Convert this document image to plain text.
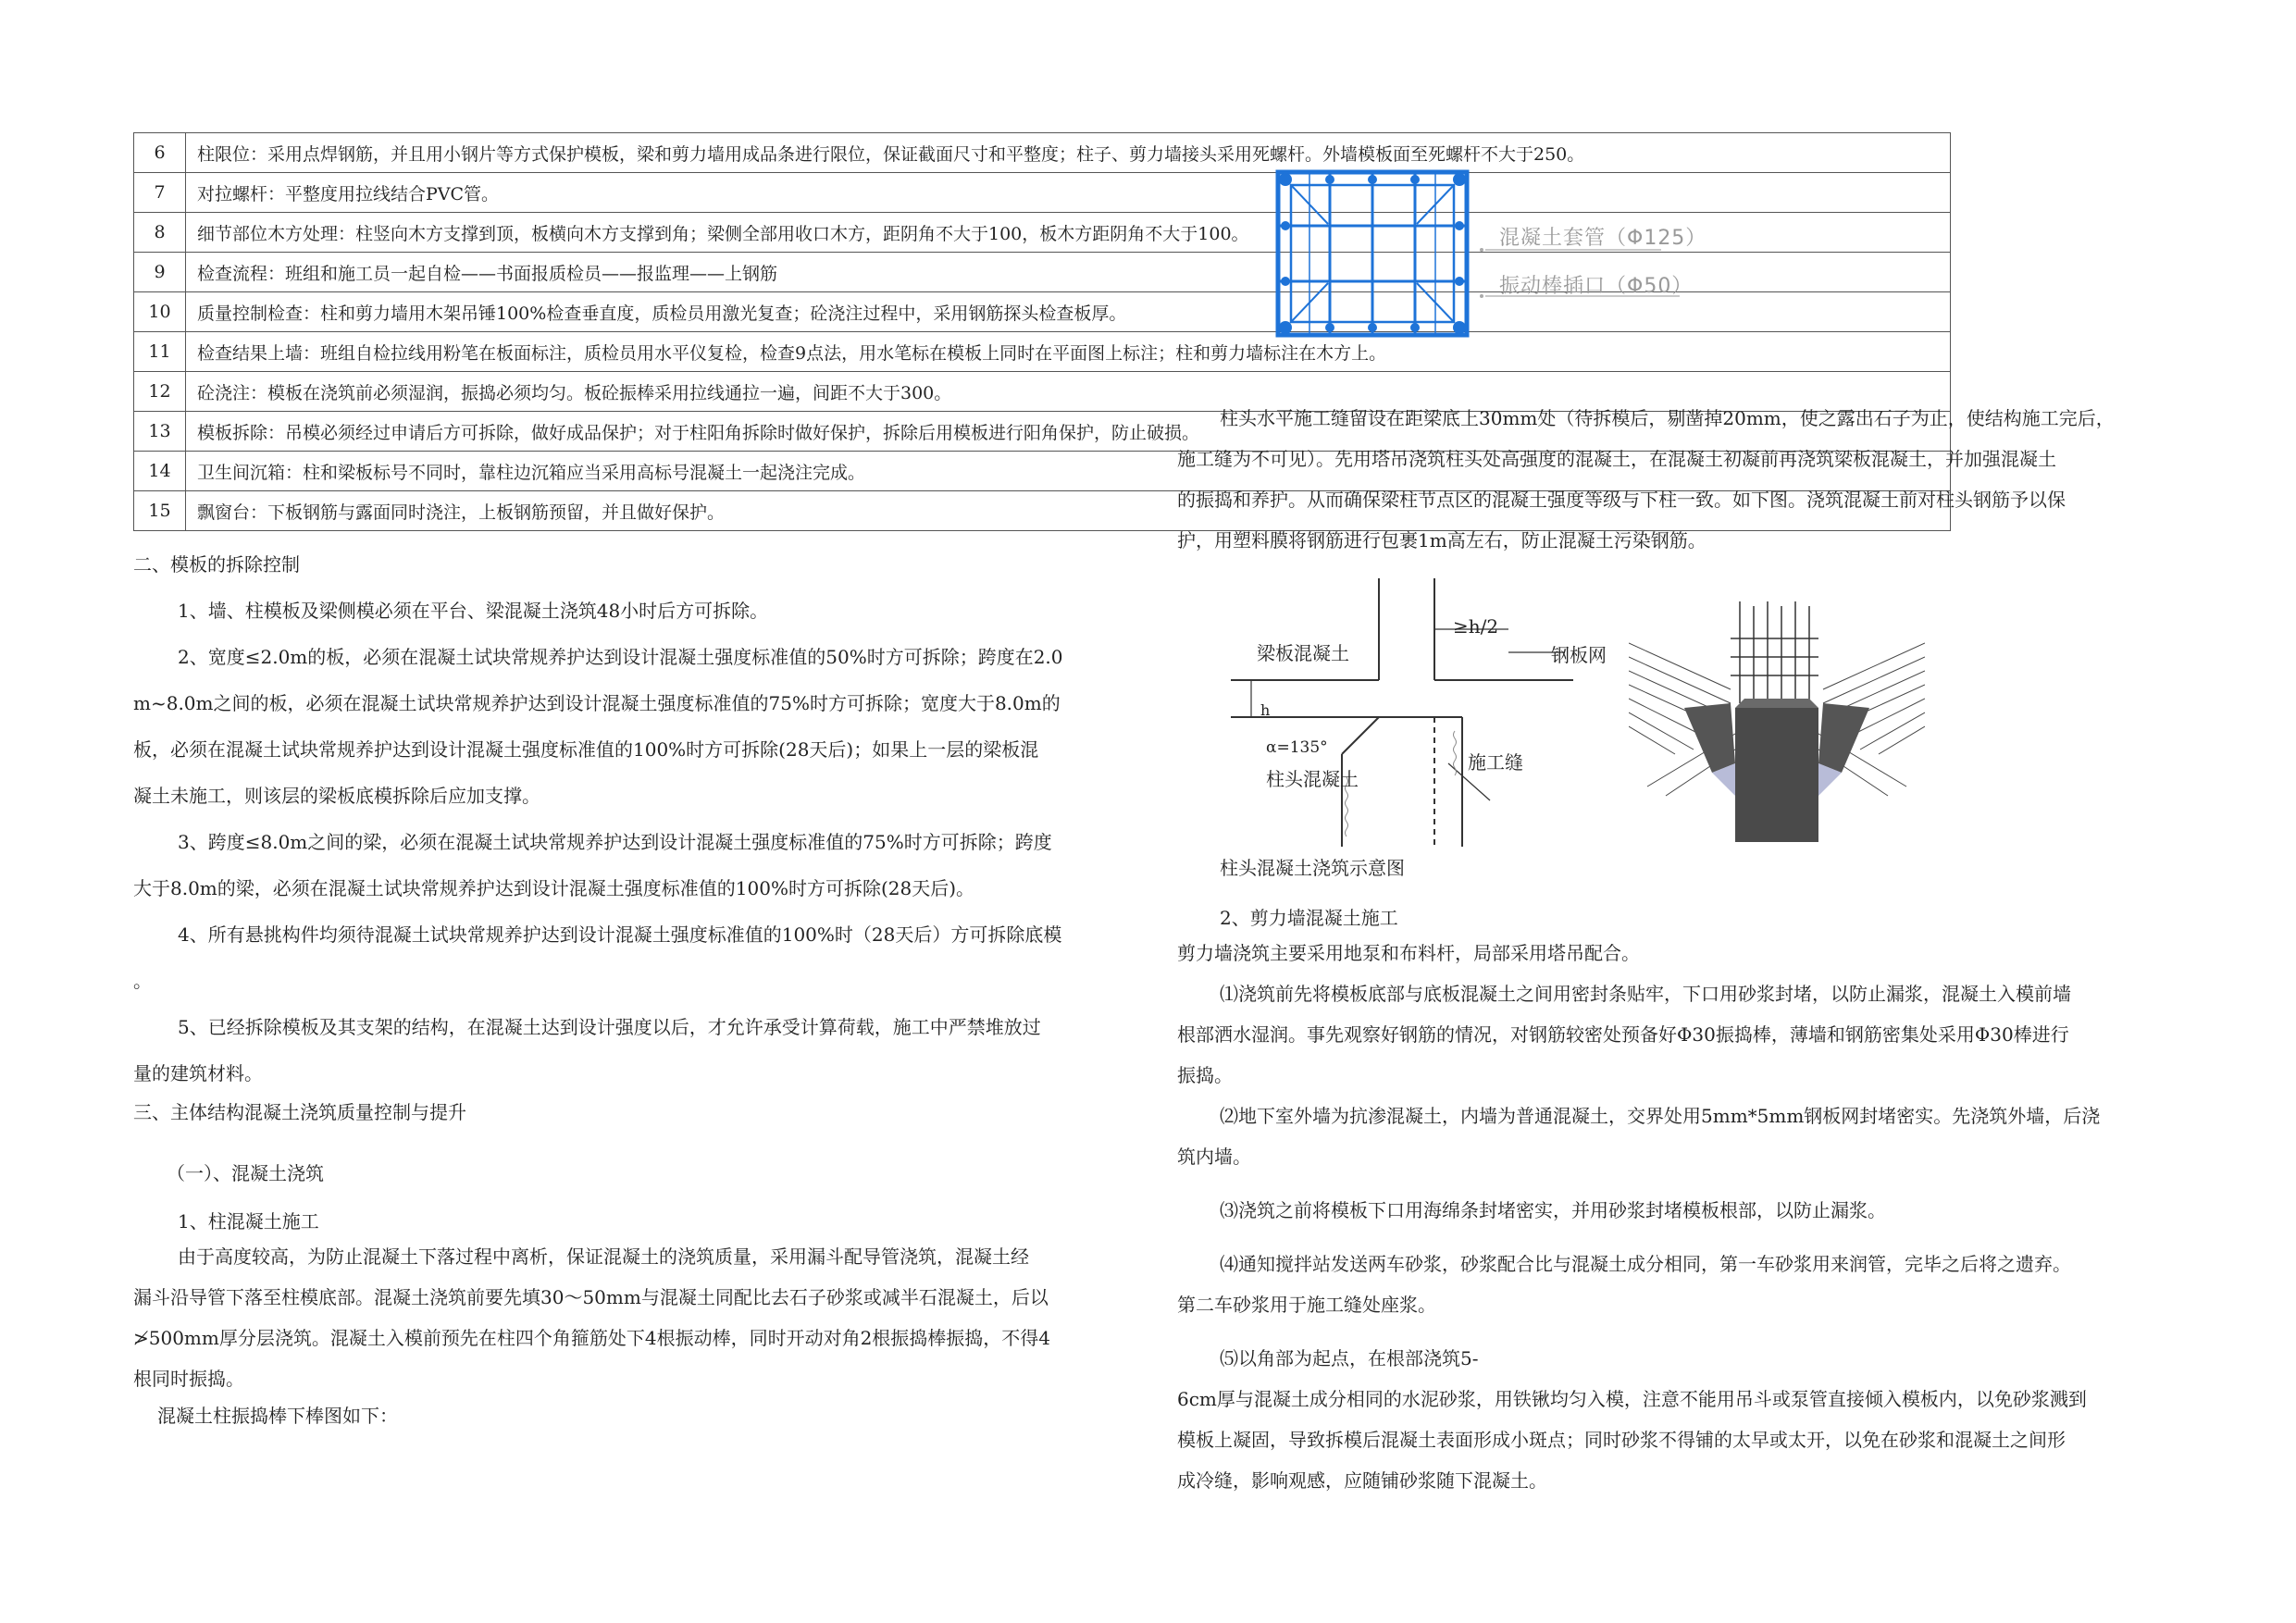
6	柱限位：采用点焊钢筋，并且用小钢片等方式保护模板，梁和剪力墙用成品条进行限位，保证截面尺寸和平整度；柱子、剪力墙接头采用死螺杆。外墙模板面至死螺杆不大于250。
7	对拉螺杆：平整度用拉线结合PVC管。
8	细节部位木方处理：柱竖向木方支撑到顶，板横向木方支撑到角；梁侧全部用收口木方，距阴角不大于100，板木方距阴角不大于100。
9	检查流程：班组和施工员一起自检——书面报质检员——报监理——上钢筋
10	质量控制检查：柱和剪力墙用木架吊锤100%检查垂直度，质检员用激光复查；砼浇注过程中，采用钢筋探头检查板厚。
11	检查结果上墙：班组自检拉线用粉笔在板面标注，质检员用水平仪复检，检查9点法，用水笔标在模板上同时在平面图上标注；柱和剪力墙标注在木方上。
12	砼浇注：模板在浇筑前必须湿润，振捣必须均匀。板砼振棒采用拉线通拉一遍，间距不大于300。
13	模板拆除：吊模必须经过申请后方可拆除，做好成品保护；对于柱阳角拆除时做好保护，拆除后用模板进行阳角保护，防止破损。
14	卫生间沉箱：柱和梁板标号不同时，靠柱边沉箱应当采用高标号混凝土一起浇注完成。
15	飘窗台：下板钢筋与露面同时浇注，上板钢筋预留，并且做好保护。
混凝土套管（Φ125）
振动棒插口（Φ50）
二、模板的拆除控制
1、墙、柱模板及梁侧模必须在平台、梁混凝土浇筑48小时后方可拆除。
2、宽度≤2.0m的板，必须在混凝土试块常规养护达到设计混凝土强度标准值的50%时方可拆除；跨度在2.0
m~8.0m之间的板，必须在混凝土试块常规养护达到设计混凝土强度标准值的75%时方可拆除；宽度大于8.0m的
板，必须在混凝土试块常规养护达到设计混凝土强度标准值的100%时方可拆除(28天后)；如果上一层的梁板混
凝土未施工，则该层的梁板底模拆除后应加支撑。
3、跨度≤8.0m之间的梁，必须在混凝土试块常规养护达到设计混凝土强度标准值的75%时方可拆除；跨度
大于8.0m的梁，必须在混凝土试块常规养护达到设计混凝土强度标准值的100%时方可拆除(28天后)。
4、所有悬挑构件均须待混凝土试块常规养护达到设计混凝土强度标准值的100%时（28天后）方可拆除底模
。
5、已经拆除模板及其支架的结构，在混凝土达到设计强度以后，才允许承受计算荷载，施工中严禁堆放过
量的建筑材料。
三、主体结构混凝土浇筑质量控制与提升
（一）、混凝土浇筑
1、柱混凝土施工
由于高度较高，为防止混凝土下落过程中离析，保证混凝土的浇筑质量，采用漏斗配导管浇筑，混凝土经
漏斗沿导管下落至柱模底部。混凝土浇筑前要先填30～50mm与混凝土同配比去石子砂浆或减半石混凝土，后以
≯500mm厚分层浇筑。混凝土入模前预先在柱四个角箍筋处下4根振动棒，同时开动对角2根振捣棒振捣，不得4
根同时振捣。
混凝土柱振捣棒下棒图如下：
柱头水平施工缝留设在距梁底上30mm处（待拆模后，剔凿掉20mm，使之露出石子为止，使结构施工完后，
施工缝为不可见）。先用塔吊浇筑柱头处高强度的混凝土，在混凝土初凝前再浇筑梁板混凝土，并加强混凝土
的振捣和养护。从而确保梁柱节点区的混凝土强度等级与下柱一致。如下图。浇筑混凝土前对柱头钢筋予以保
护，用塑料膜将钢筋进行包裹1m高左右，防止混凝土污染钢筋。
梁板混凝土
≥h/2
钢板网
h
α=135°
柱头混凝土
施工缝
柱头混凝土浇筑示意图
2、剪力墙混凝土施工
剪力墙浇筑主要采用地泵和布料杆，局部采用塔吊配合。
⑴浇筑前先将模板底部与底板混凝土之间用密封条贴牢，下口用砂浆封堵，以防止漏浆，混凝土入模前墙
根部洒水湿润。事先观察好钢筋的情况，对钢筋较密处预备好Φ30振捣棒，薄墙和钢筋密集处采用Φ30棒进行
振捣。
⑵地下室外墙为抗渗混凝土，内墙为普通混凝土，交界处用5mm*5mm钢板网封堵密实。先浇筑外墙，后浇
筑内墙。
⑶浇筑之前将模板下口用海绵条封堵密实，并用砂浆封堵模板根部，以防止漏浆。
⑷通知搅拌站发送两车砂浆，砂浆配合比与混凝土成分相同，第一车砂浆用来润管，完毕之后将之遗弃。
第二车砂浆用于施工缝处座浆。
⑸以角部为起点，在根部浇筑5-
6cm厚与混凝土成分相同的水泥砂浆，用铁锹均匀入模，注意不能用吊斗或泵管直接倾入模板内，以免砂浆溅到
模板上凝固，导致拆模后混凝土表面形成小斑点；同时砂浆不得铺的太早或太开，以免在砂浆和混凝土之间形
成冷缝，影响观感，应随铺砂浆随下混凝土。
